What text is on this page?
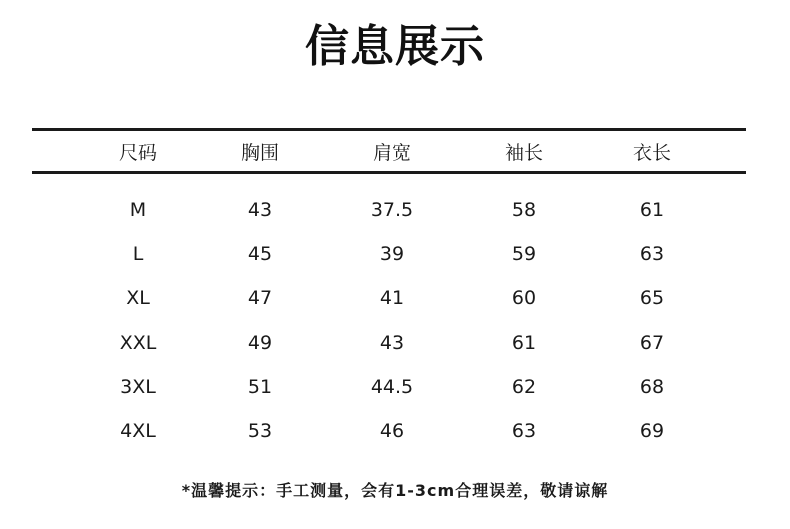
信息展示
尺码	胸围	肩宽	袖长	衣长
M	43	37.5	58	61
L	45	39	59	63
XL	47	41	60	65
XXL	49	43	61	67
3XL	51	44.5	62	68
4XL	53	46	63	69
*温馨提示：手工测量，会有1-3cm合理误差，敬请谅解
